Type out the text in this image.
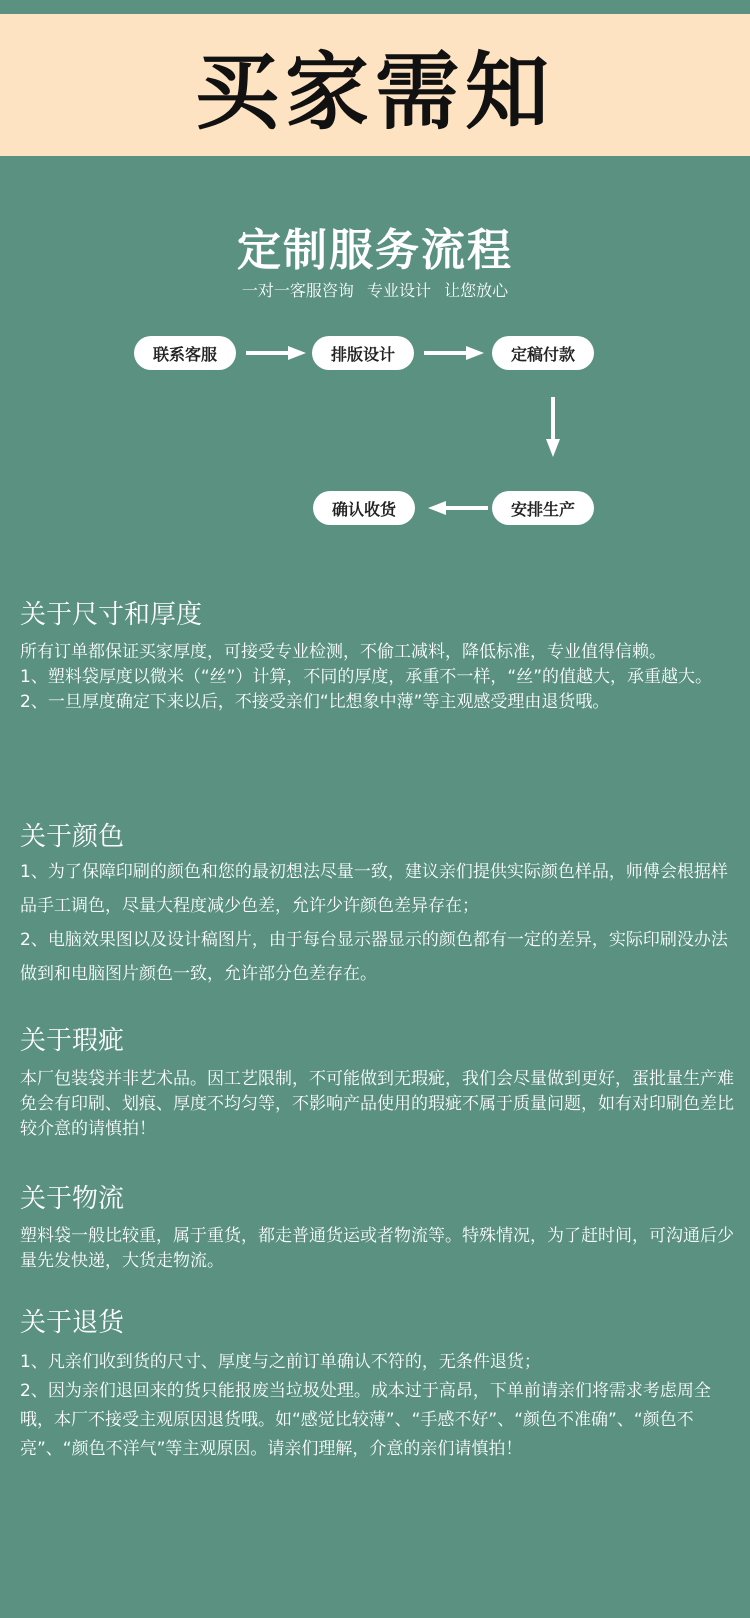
买家需知
定制服务流程
一对一客服咨询 专业设计 让您放心
联系客服	排版设计	定稿付款
安排生产
确认收货
关于尺寸和厚度

所有订单都保证买家厚度，可接受专业检测，不偷工减料，降低标准，专业值得信赖。

1、塑料袋厚度以微米（“丝”）计算，不同的厚度，承重不一样，“丝”的值越大，承重越大。

2、一旦厚度确定下来以后，不接受亲们“比想象中薄”等主观感受理由退货哦。

关于颜色

1、为了保障印刷的颜色和您的最初想法尽量一致，建议亲们提供实际颜色样品，师傅会根据样品手工调色，尽量大程度减少色差，允许少许颜色差异存在；

2、电脑效果图以及设计稿图片，由于每台显示器显示的颜色都有一定的差异，实际印刷没办法做到和电脑图片颜色一致，允许部分色差存在。

关于瑕疵

本厂包装袋并非艺术品。因工艺限制，不可能做到无瑕疵，我们会尽量做到更好，蛋批量生产难免会有印刷、划痕、厚度不均匀等，不影响产品使用的瑕疵不属于质量问题，如有对印刷色差比较介意的请慎拍！

关于物流

塑料袋一般比较重，属于重货，都走普通货运或者物流等。特殊情况，为了赶时间，可沟通后少量先发快递，大货走物流。

关于退货

1、凡亲们收到货的尺寸、厚度与之前订单确认不符的，无条件退货；

2、因为亲们退回来的货只能报废当垃圾处理。成本过于高昂，下单前请亲们将需求考虑周全哦，本厂不接受主观原因退货哦。如“感觉比较薄”、“手感不好”、“颜色不准确”、“颜色不亮”、“颜色不洋气”等主观原因。请亲们理解，介意的亲们请慎拍！
